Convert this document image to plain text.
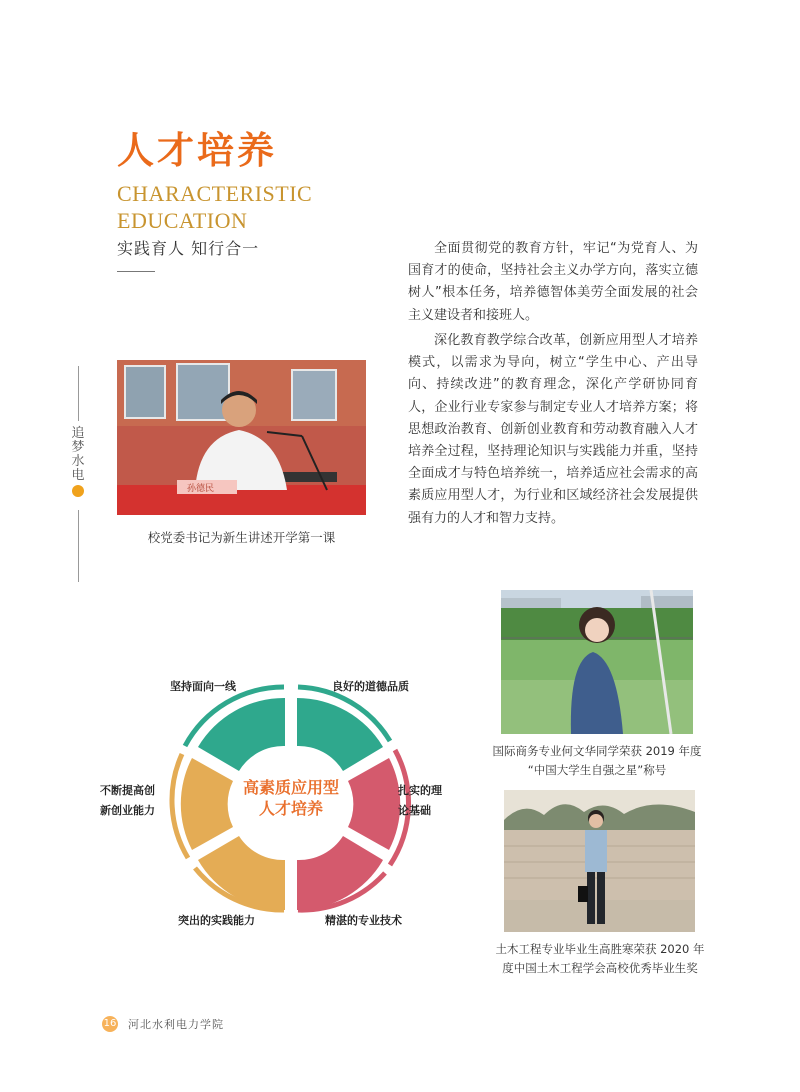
人才培养
CHARACTERISTIC
EDUCATION
实践育人 知行合一
追梦水电

全面贯彻党的教育方针，牢记“为党育人、为国育才的使命，坚持社会主义办学方向，落实立德树人”根本任务，培养德智体美劳全面发展的社会主义建设者和接班人。

深化教育教学综合改革，创新应用型人才培养模式，以需求为导向，树立“学生中心、产出导向、持续改进”的教育理念，深化产学研协同育人，企业行业专家参与制定专业人才培养方案；将思想政治教育、创新创业教育和劳动教育融入人才培养全过程，坚持理论知识与实践能力并重，坚持全面成才与特色培养统一，培养适应社会需求的高素质应用型人才，为行业和区域经济社会发展提供强有力的人才和智力支持。

孙德民
校党委书记为新生讲述开学第一课
高素质应用型
人才培养
坚持面向一线	良好的道德品质
扎实的理
论基础
不断提高创
新创业能力
突出的实践能力	精湛的专业技术
国际商务专业何文华同学荣获 2019 年度
“中国大学生自强之星”称号
土木工程专业毕业生高胜寒荣获 2020 年
度中国土木工程学会高校优秀毕业生奖
16 河北水利电力学院
